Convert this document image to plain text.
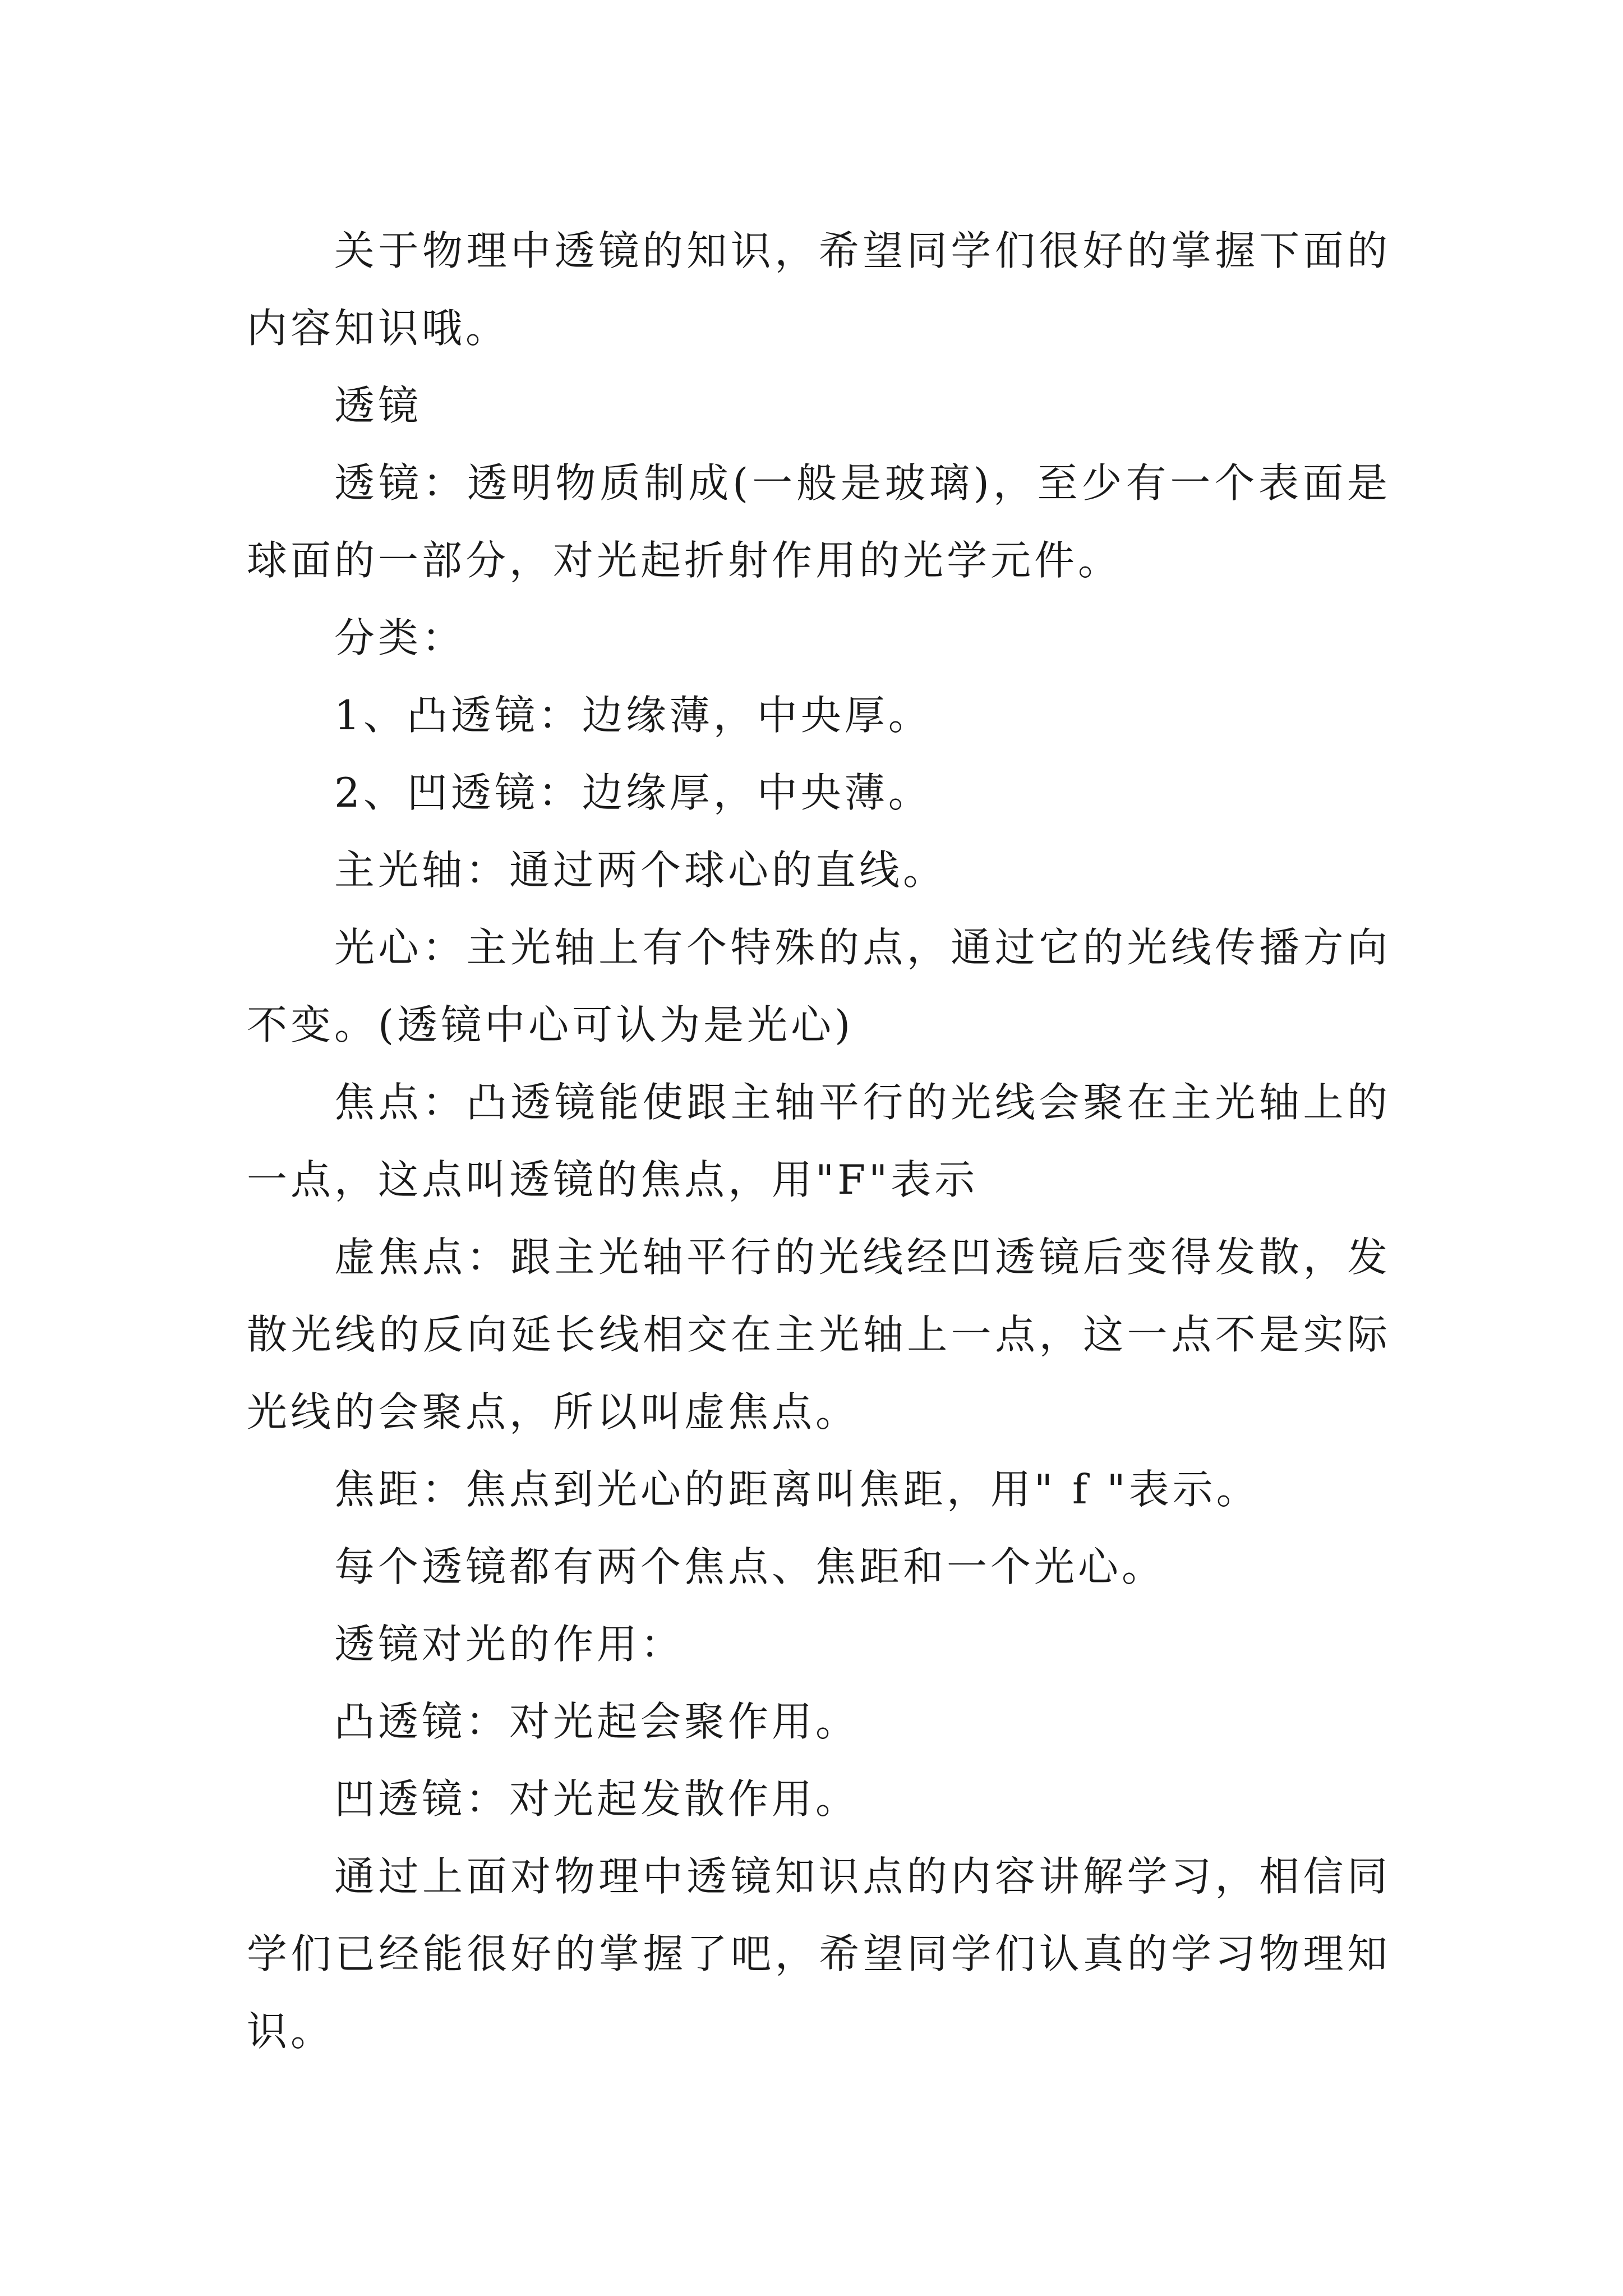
关于物理中透镜的知识，希望同学们很好的掌握下面的内容知识哦。

透镜

透镜：透明物质制成(一般是玻璃)，至少有一个表面是球面的一部分，对光起折射作用的光学元件。

分类：

1、凸透镜：边缘薄，中央厚。

2、凹透镜：边缘厚，中央薄。

主光轴：通过两个球心的直线。

光心：主光轴上有个特殊的点，通过它的光线传播方向不变。(透镜中心可认为是光心)

焦点：凸透镜能使跟主轴平行的光线会聚在主光轴上的一点，这点叫透镜的焦点，用"F"表示

虚焦点：跟主光轴平行的光线经凹透镜后变得发散，发散光线的反向延长线相交在主光轴上一点，这一点不是实际光线的会聚点，所以叫虚焦点。

焦距：焦点到光心的距离叫焦距，用" f "表示。

每个透镜都有两个焦点、焦距和一个光心。

透镜对光的作用：

凸透镜：对光起会聚作用。

凹透镜：对光起发散作用。

通过上面对物理中透镜知识点的内容讲解学习，相信同学们已经能很好的掌握了吧，希望同学们认真的学习物理知识。
